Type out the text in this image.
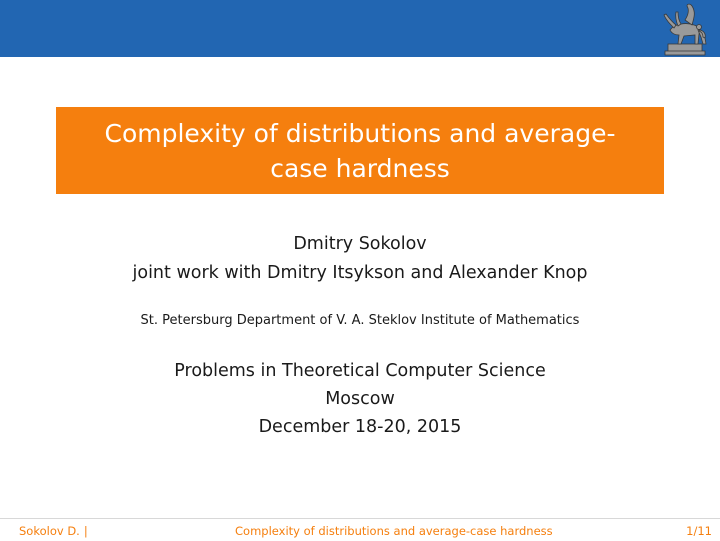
Complexity of distributions and average-case hardness
Dmitry Sokolov
joint work with Dmitry Itsykson and Alexander Knop
St. Petersburg Department of V. A. Steklov Institute of Mathematics
Problems in Theoretical Computer Science
Moscow
December 18-20, 2015
Sokolov D. |	Complexity of distributions and average-case hardness	1/11
